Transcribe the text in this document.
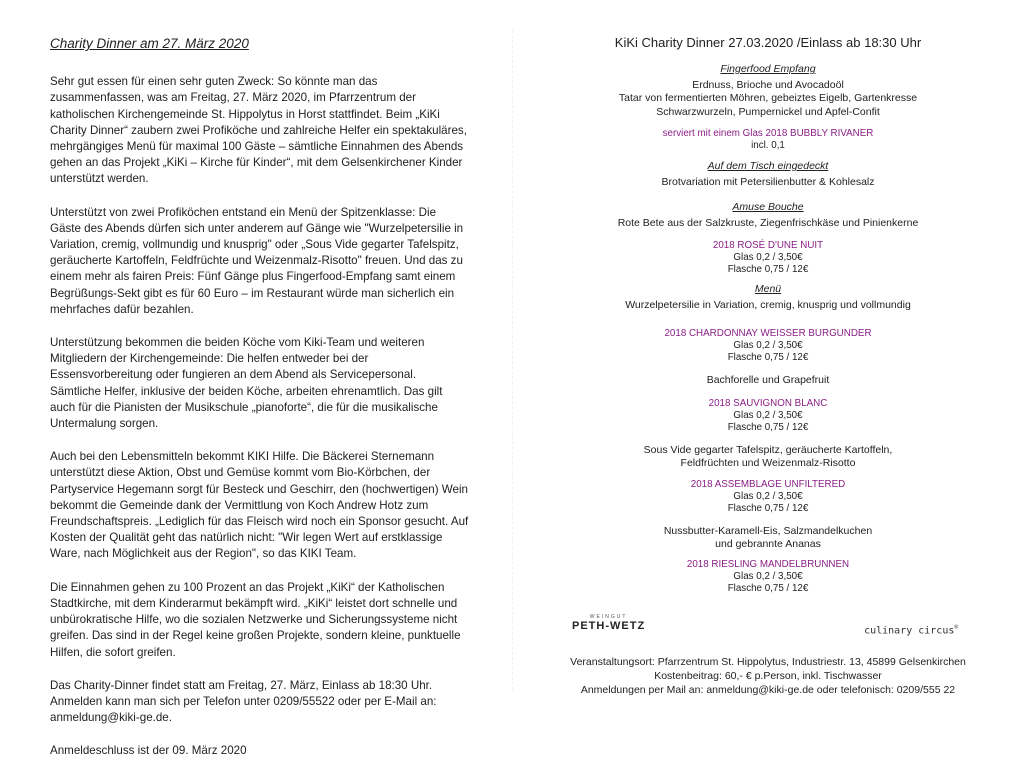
Charity Dinner am 27. März 2020

Sehr gut essen für einen sehr guten Zweck: So könnte man das zusammenfassen, was am Freitag, 27. März 2020, im Pfarrzentrum der katholischen Kirchengemeinde St. Hippolytus in Horst stattfindet. Beim „KiKi Charity Dinner“ zaubern zwei Profiköche und zahlreiche Helfer ein spektakuläres, mehrgängiges Menü für maximal 100 Gäste – sämtliche Einnahmen des Abends gehen an das Projekt „KiKi – Kirche für Kinder“, mit dem Gelsenkirchener Kinder unterstützt werden.

Unterstützt von zwei Profiköchen entstand ein Menü der Spitzenklasse: Die Gäste des Abends dürfen sich unter anderem auf Gänge wie "Wurzelpetersilie in Variation, cremig, vollmundig und knusprig" oder „Sous Vide gegarter Tafelspitz, geräucherte Kartoffeln, Feldfrüchte und Weizenmalz-Risotto" freuen. Und das zu einem mehr als fairen Preis: Fünf Gänge plus Fingerfood-Empfang samt einem Begrüßungs-Sekt gibt es für 60 Euro – im Restaurant würde man sicherlich ein mehrfaches dafür bezahlen.

Unterstützung bekommen die beiden Köche vom Kiki-Team und weiteren Mitgliedern der Kirchengemeinde: Die helfen entweder bei der Essensvorbereitung oder fungieren an dem Abend als Servicepersonal. Sämtliche Helfer, inklusive der beiden Köche, arbeiten ehrenamtlich. Das gilt auch für die Pianisten der Musikschule „pianoforte“, die für die musikalische Untermalung sorgen.

Auch bei den Lebensmitteln bekommt KIKI Hilfe. Die Bäckerei Sternemann unterstützt diese Aktion, Obst und Gemüse kommt vom Bio-Körbchen, der Partyservice Hegemann sorgt für Besteck und Geschirr, den (hochwertigen) Wein bekommt die Gemeinde dank der Vermittlung von Koch Andrew Hotz zum Freundschaftspreis. „Lediglich für das Fleisch wird noch ein Sponsor gesucht. Auf Kosten der Qualität geht das natürlich nicht: "Wir legen Wert auf erstklassige Ware, nach Möglichkeit aus der Region", so das KIKI Team.

Die Einnahmen gehen zu 100 Prozent an das Projekt „KiKi“ der Katholischen Stadtkirche, mit dem Kinderarmut bekämpft wird. „KiKi“ leistet dort schnelle und unbürokratische Hilfe, wo die sozialen Netzwerke und Sicherungssysteme nicht greifen. Das sind in der Regel keine großen Projekte, sondern kleine, punktuelle Hilfen, die sofort greifen.

Das Charity-Dinner findet statt am Freitag, 27. März, Einlass ab 18:30 Uhr. Anmelden kann man sich per Telefon unter 0209/55522 oder per E-Mail an: anmeldung@kiki-ge.de.

Anmeldeschluss ist der 09. März 2020

KiKi Charity Dinner 27.03.2020 /Einlass ab 18:30 Uhr
Fingerfood Empfang
Erdnuss, Brioche und Avocadoöl
Tatar von fermentierten Möhren, gebeiztes Eigelb, Gartenkresse
Schwarzwurzeln, Pumpernickel und Apfel-Confit
serviert mit einem Glas 2018 BUBBLY RIVANER
incl. 0,1
Auf dem Tisch eingedeckt
Brotvariation mit Petersilienbutter & Kohlesalz
Amuse Bouche
Rote Bete aus der Salzkruste, Ziegenfrischkäse und Pinienkerne
2018 ROSÉ D'UNE NUIT
Glas 0,2 / 3,50€
Flasche 0,75 / 12€
Menü
Wurzelpetersilie in Variation, cremig, knusprig und vollmundig
2018 CHARDONNAY WEISSER BURGUNDER
Glas 0,2 / 3,50€
Flasche 0,75 / 12€
Bachforelle und Grapefruit
2018 SAUVIGNON BLANC
Glas 0,2 / 3,50€
Flasche 0,75 / 12€
Sous Vide gegarter Tafelspitz, geräucherte Kartoffeln,
Feldfrüchten und Weizenmalz-Risotto
2018 ASSEMBLAGE UNFILTERED
Glas 0,2 / 3,50€
Flasche 0,75 / 12€
Nussbutter-Karamell-Eis, Salzmandelkuchen
und gebrannte Ananas
2018 RIESLING MANDELBRUNNEN
Glas 0,2 / 3,50€
Flasche 0,75 / 12€
WEINGUT
PETH-WETZ	culinary circus®
Veranstaltungsort: Pfarrzentrum St. Hippolytus, Industriestr. 13, 45899 Gelsenkirchen
Kostenbeitrag: 60,- € p.Person, inkl. Tischwasser
Anmeldungen per Mail an: anmeldung@kiki-ge.de oder telefonisch: 0209/555 22
